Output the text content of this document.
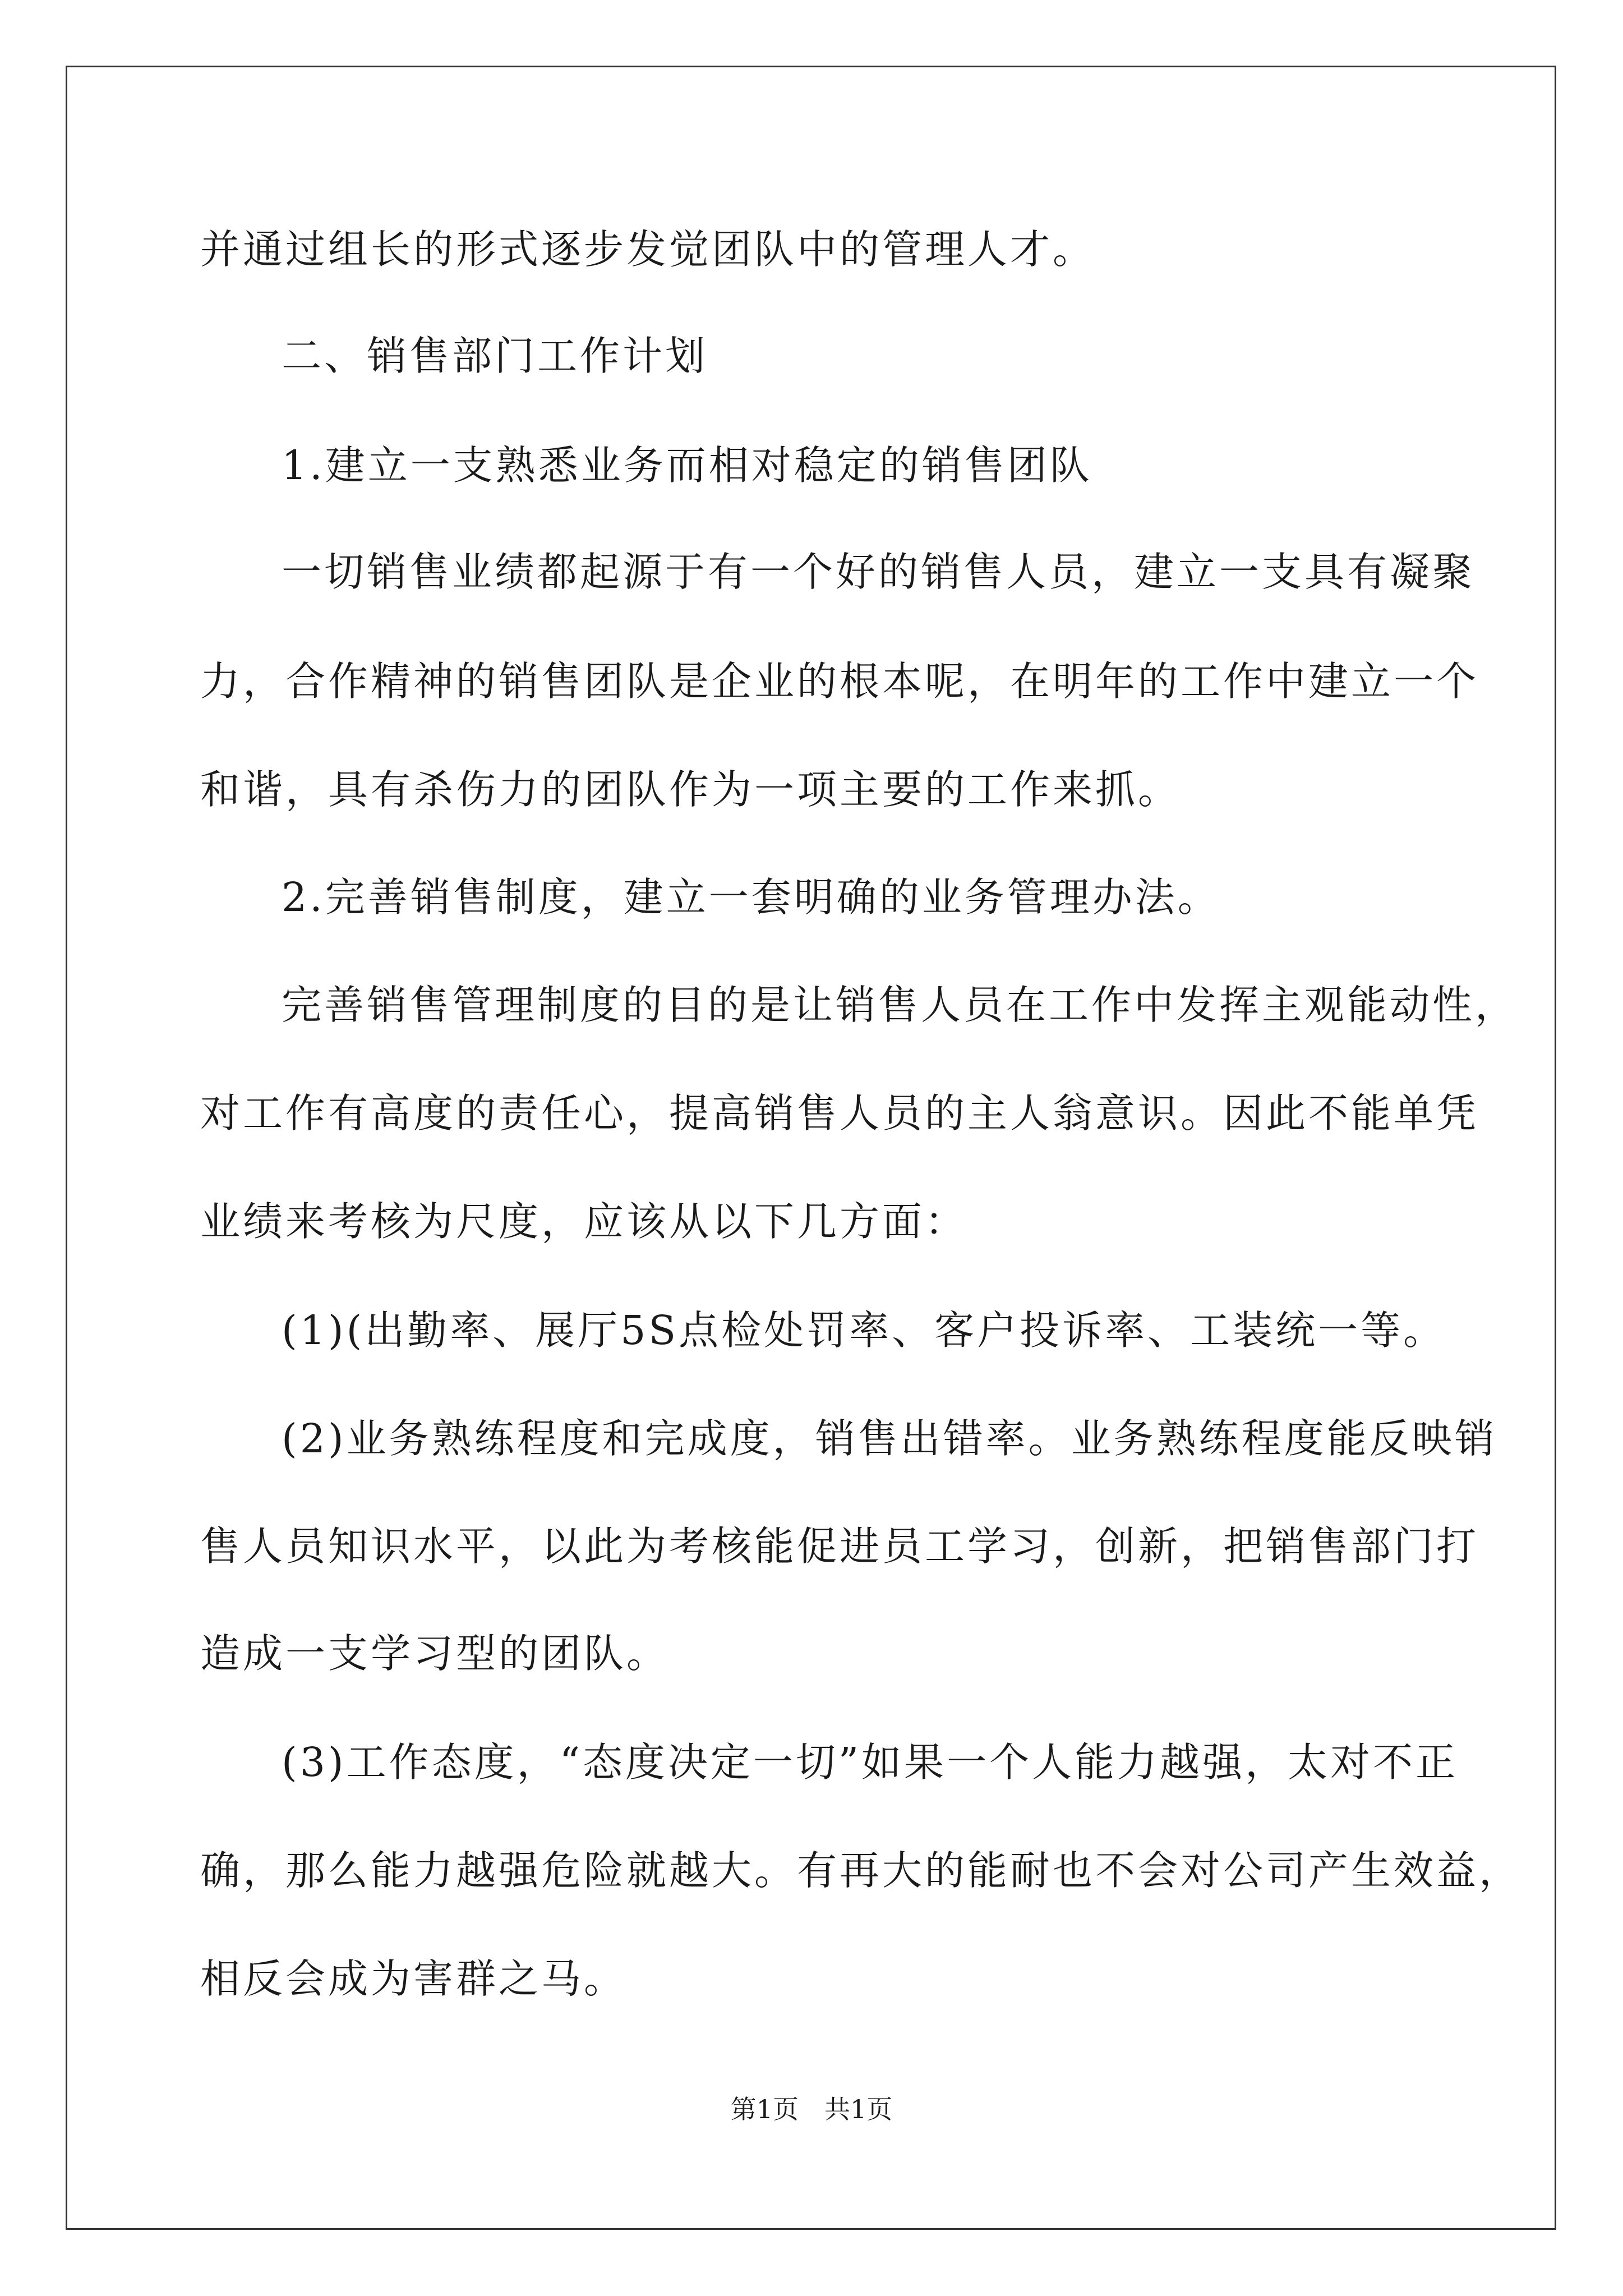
并通过组长的形式逐步发觉团队中的管理人才。
二、销售部门工作计划
1.建立一支熟悉业务而相对稳定的销售团队
一切销售业绩都起源于有一个好的销售人员，建立一支具有凝聚
力，合作精神的销售团队是企业的根本呢，在明年的工作中建立一个
和谐，具有杀伤力的团队作为一项主要的工作来抓。
2.完善销售制度，建立一套明确的业务管理办法。
完善销售管理制度的目的是让销售人员在工作中发挥主观能动性，
对工作有高度的责任心，提高销售人员的主人翁意识。因此不能单凭
业绩来考核为尺度，应该从以下几方面：
(1)(出勤率、展厅5S点检处罚率、客户投诉率、工装统一等。
(2)业务熟练程度和完成度，销售出错率。业务熟练程度能反映销
售人员知识水平，以此为考核能促进员工学习，创新，把销售部门打
造成一支学习型的团队。
(3)工作态度，“态度决定一切”如果一个人能力越强，太对不正
确，那么能力越强危险就越大。有再大的能耐也不会对公司产生效益，
相反会成为害群之马。
第1页　共1页
